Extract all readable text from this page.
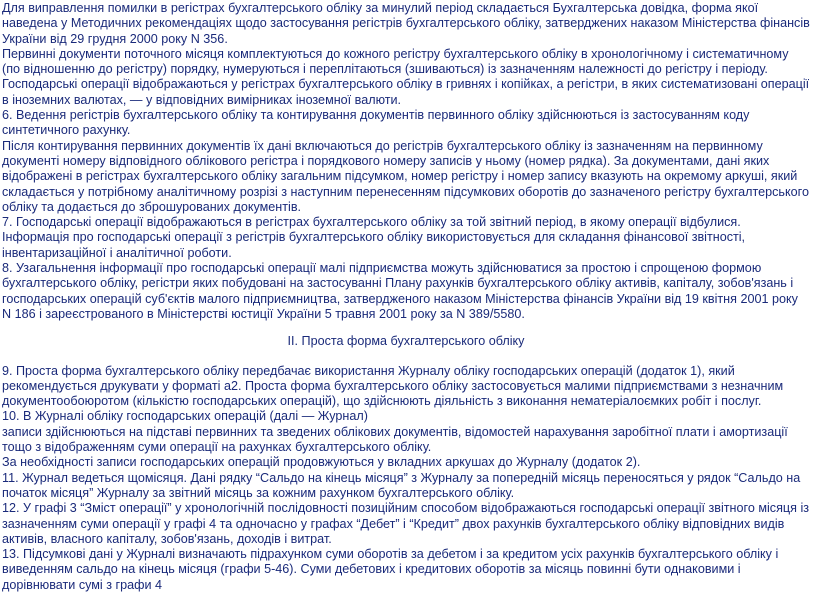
Для виправлення помилки в регістрах бухгалтерського обліку за минулий період складається Бухгалтерська довідка, форма якої наведена у Методичних рекомендаціях щодо застосування регістрів бухгалтерського обліку, затверджених наказом Міністерства фінансів України від 29 грудня 2000 року N 356.

Первинні документи поточного місяця комплектуються до кожного регістру бухгалтерського обліку в хронологічному і систематичному (по відношенню до регістру) порядку, нумеруються і переплітаються (зшиваються) із зазначенням належності до регістру і періоду.

Господарські операції відображаються у регістрах бухгалтерського обліку в гривнях і копійках, а регістри, в яких систематизовані операції в іноземних валютах, — у відповідних вимірниках іноземної валюти.

6. Ведення регістрів бухгалтерського обліку та контирування документів первинного обліку здійснюються із застосуванням коду синтетичного рахунку.

Після контирування первинних документів їх дані включаються до регістрів бухгалтерського обліку із зазначенням на первинному документі номеру відповідного облікового регістра і порядкового номеру записів у ньому (номер рядка). За документами, дані яких відображені в регістрах бухгалтерського обліку загальним підсумком, номер регістру і номер запису вказують на окремому аркуші, який складається у потрібному аналітичному розрізі з наступним перенесенням підсумкових оборотів до зазначеного регістру бухгалтерського обліку та додається до зброшурованих документів.

7. Господарські операції відображаються в регістрах бухгалтерського обліку за той звітний період, в якому операції відбулися. Інформація про господарські операції з регістрів бухгалтерського обліку використовується для складання фінансової звітності, інвентаризаційної і аналітичної роботи.

8. Узагальнення інформації про господарські операції малі підприємства можуть здійснюватися за простою і спрощеною формою бухгалтерського обліку, регістри яких побудовані на застосуванні Плану рахунків бухгалтерського обліку активів, капіталу, зобов'язань і господарських операцій суб'єктів малого підприємництва, затвердженого наказом Міністерства фінансів України від 19 квітня 2001 року N 186 і зареєстрованого в Міністерстві юстиції України 5 травня 2001 року за N 389/5580.

II. Проста форма бухгалтерського обліку

9. Проста форма бухгалтерського обліку передбачає використання Журналу обліку господарських операцій (додаток 1), який рекомендується друкувати у форматі а2. Проста форма бухгалтерського обліку застосовується малими підприємствами з незначним документообоюротом (кількістю господарських операцій), що здійснюють діяльність з виконання нематеріалоємких робіт і послуг.

10. В Журналі обліку господарських операцій (далі — Журнал)

записи здійснюються на підставі первинних та зведених облікових документів, відомостей нарахування заробітної плати і амортизації тощо з відображенням суми операції на рахунках бухгалтерського обліку.

За необхідності записи господарських операцій продовжуються у вкладних аркушах до Журналу (додаток 2).

11. Журнал ведеться щомісяця. Дані рядку “Сальдо на кінець місяця” з Журналу за попередній місяць переносяться у рядок “Сальдо на початок місяця” Журналу за звітний місяць за кожним рахунком бухгалтерського обліку.

12. У графі 3 “Зміст операції” у хронологічній послідовності позиційним способом відображаються господарські операції звітного місяця із зазначенням суми операції у графі 4 та одночасно у графах “Дебет” і “Кредит” двох рахунків бухгалтерського обліку відповідних видів активів, власного капіталу, зобов'язань, доходів і витрат.

13. Підсумкові дані у Журналі визначають підрахунком суми оборотів за дебетом і за кредитом усіх рахунків бухгалтерського обліку і виведенням сальдо на кінець місяця (графи 5-46). Суми дебетових і кредитових оборотів за місяць повинні бути однаковими і дорівнювати сумі з графи 4
